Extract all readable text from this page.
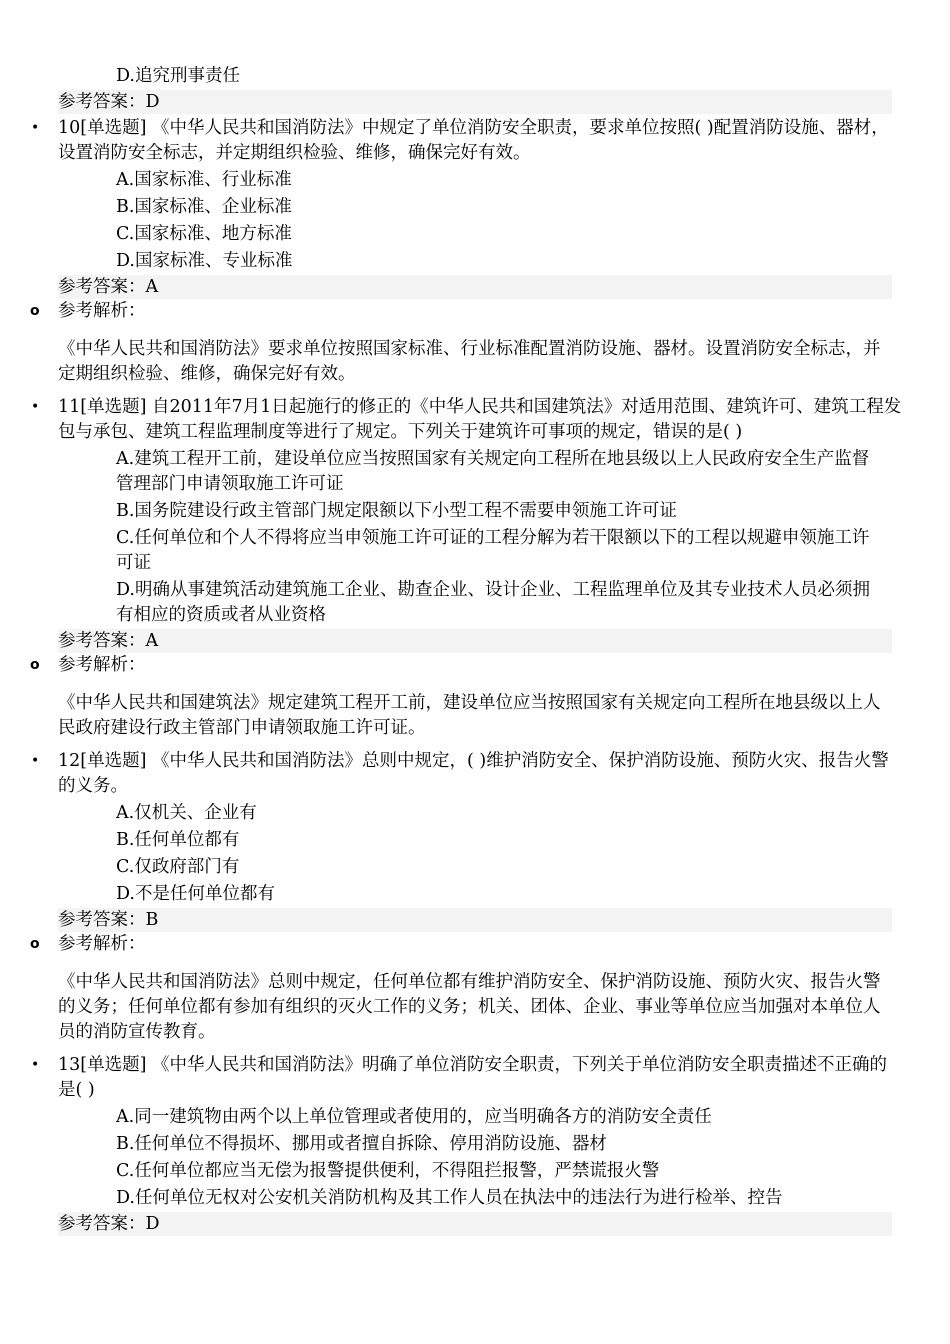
D.追究刑事责任
参考答案：D
• 10[单选题] 《中华人民共和国消防法》中规定了单位消防安全职责，要求单位按照( )配置消防设施、器材，设置消防安全标志，并定期组织检验、维修，确保完好有效。
A.国家标准、行业标准
B.国家标准、企业标准
C.国家标准、地方标准
D.国家标准、专业标准
参考答案：A
o 参考解析：
《中华人民共和国消防法》要求单位按照国家标准、行业标准配置消防设施、器材。设置消防安全标志，并定期组织检验、维修，确保完好有效。
• 11[单选题] 自2011年7月1日起施行的修正的《中华人民共和国建筑法》对适用范围、建筑许可、建筑工程发包与承包、建筑工程监理制度等进行了规定。下列关于建筑许可事项的规定，错误的是( )
A.建筑工程开工前，建设单位应当按照国家有关规定向工程所在地县级以上人民政府安全生产监督管理部门申请领取施工许可证
B.国务院建设行政主管部门规定限额以下小型工程不需要申领施工许可证
C.任何单位和个人不得将应当申领施工许可证的工程分解为若干限额以下的工程以规避申领施工许可证
D.明确从事建筑活动建筑施工企业、勘查企业、设计企业、工程监理单位及其专业技术人员必须拥有相应的资质或者从业资格
参考答案：A
o 参考解析：
《中华人民共和国建筑法》规定建筑工程开工前，建设单位应当按照国家有关规定向工程所在地县级以上人民政府建设行政主管部门申请领取施工许可证。
• 12[单选题] 《中华人民共和国消防法》总则中规定，( )维护消防安全、保护消防设施、预防火灾、报告火警的义务。
A.仅机关、企业有
B.任何单位都有
C.仅政府部门有
D.不是任何单位都有
参考答案：B
o 参考解析：
《中华人民共和国消防法》总则中规定，任何单位都有维护消防安全、保护消防设施、预防火灾、报告火警的义务；任何单位都有参加有组织的灭火工作的义务；机关、团体、企业、事业等单位应当加强对本单位人员的消防宣传教育。
• 13[单选题] 《中华人民共和国消防法》明确了单位消防安全职责，下列关于单位消防安全职责描述不正确的是( )
A.同一建筑物由两个以上单位管理或者使用的，应当明确各方的消防安全责任
B.任何单位不得损坏、挪用或者擅自拆除、停用消防设施、器材
C.任何单位都应当无偿为报警提供便利，不得阻拦报警，严禁谎报火警
D.任何单位无权对公安机关消防机构及其工作人员在执法中的违法行为进行检举、控告
参考答案：D
